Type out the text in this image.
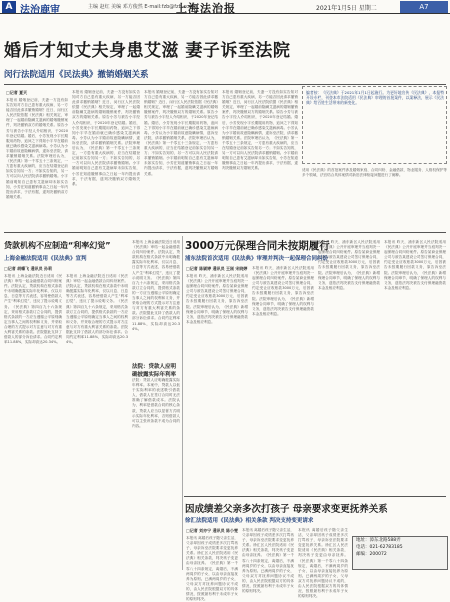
A 法治鹿审	主编 赵红 美编 邓方俊然 E-mail:fzb@fzb.com
上海法治报	2021年1月5日 星期二	A7
婚后才知丈夫身患艾滋 妻子诉至法院
闵行法院适用《民法典》撤销婚姻关系
□记者 夏天
本报讯 婚姻登记前，夫妻一方没有如实告知对方自己患有重大疾病，另一方能否因此请求撤销婚姻？近日，闵行区人民法院依据《民法典》相关规定，审理了一起婚前隐瞒艾滋病的婚姻撤销案件，判决撤销双方的婚姻关系。原告小芳与被告小宇经人介绍相识，于2020年登记结婚。婚后，小芳发现小宇长期服用药物，追问之下得知小宇早在婚前就已确诊感染艾滋病病毒。小芳认为小宇婚前故意隐瞒病情，遂诉至法院，请求撤销婚姻关系。法院审理后认为，《民法典》第一千零五十三条规定，一方患有重大疾病的，应当在结婚登记前如实告知另一方；不如实告知的，另一方可以向人民法院请求撤销婚姻。小宇婚前明知自己患有艾滋病却未如实告知，小芳在知道撤销事由之日起一年内提出请求，于法有据，遂判决撤销双方婚姻关系。
本报讯 婚姻登记前，夫妻一方没有如实告知对方自己患有重大疾病，另一方能否因此请求撤销婚姻？近日，闵行区人民法院依据《民法典》相关规定，审理了一起婚前隐瞒艾滋病的婚姻撤销案件，判决撤销双方的婚姻关系。原告小芳与被告小宇经人介绍相识，于2020年登记结婚。婚后，小芳发现小宇长期服用药物，追问之下得知小宇早在婚前就已确诊感染艾滋病病毒。小芳认为小宇婚前故意隐瞒病情，遂诉至法院，请求撤销婚姻关系。法院审理后认为，《民法典》第一千零五十三条规定，一方患有重大疾病的，应当在结婚登记前如实告知另一方；不如实告知的，另一方可以向人民法院请求撤销婚姻。小宇婚前明知自己患有艾滋病却未如实告知，小芳在知道撤销事由之日起一年内提出请求，于法有据，遂判决撤销双方婚姻关系。
本报讯 婚姻登记前，夫妻一方没有如实告知对方自己患有重大疾病，另一方能否因此请求撤销婚姻？近日，闵行区人民法院依据《民法典》相关规定，审理了一起婚前隐瞒艾滋病的婚姻撤销案件，判决撤销双方的婚姻关系。原告小芳与被告小宇经人介绍相识，于2020年登记结婚。婚后，小芳发现小宇长期服用药物，追问之下得知小宇早在婚前就已确诊感染艾滋病病毒。小芳认为小宇婚前故意隐瞒病情，遂诉至法院，请求撤销婚姻关系。法院审理后认为，《民法典》第一千零五十三条规定，一方患有重大疾病的，应当在结婚登记前如实告知另一方；不如实告知的，另一方可以向人民法院请求撤销婚姻。小宇婚前明知自己患有艾滋病却未如实告知，小芳在知道撤销事由之日起一年内提出请求，于法有据，遂判决撤销双方婚姻关系。
本报讯 婚姻登记前，夫妻一方没有如实告知对方自己患有重大疾病，另一方能否因此请求撤销婚姻？近日，闵行区人民法院依据《民法典》相关规定，审理了一起婚前隐瞒艾滋病的婚姻撤销案件，判决撤销双方的婚姻关系。原告小芳与被告小宇经人介绍相识，于2020年登记结婚。婚后，小芳发现小宇长期服用药物，追问之下得知小宇早在婚前就已确诊感染艾滋病病毒。小芳认为小宇婚前故意隐瞒病情，遂诉至法院，请求撤销婚姻关系。法院审理后认为，《民法典》第一千零五十三条规定，一方患有重大疾病的，应当在结婚登记前如实告知另一方；不如实告知的，另一方可以向人民法院请求撤销婚姻。小宇婚前明知自己患有艾滋病却未如实告知，小芳在知道撤销事由之日起一年内提出请求，于法有据，遂判决撤销双方婚姻关系。
编者按：《民法典》于2021年1月1日起施行。为更好地宣传《民法典》，本报特开设专栏，刊登本市法院适用《民法典》审理的首批案件，以案释法，展示《民法典》给百姓生活带来的新变化。
适用《民法典》的首批案件涉及婚姻家庭、合同纠纷、金融借款、物业服务、人格权保护等多个领域，法官结合具体案情对新旧法律衔接问题进行了阐释。
贷款机构不应制造“利率幻觉”
上海金融法院适用《民法典》宣判
□记者 胡蝶飞 通讯员 孙莉
本报讯 上海金融法院近日适用《民法典》审结一起金融借款合同纠纷案件。法院认定，贷款机构在格式条款中未明确披露实际年化利率，仅以月息、日息等方式表述，容易使借款人产生“利率幻觉”，违反了提示说明义务。《民法典》第四百九十六条规定，采用格式条款订立合同的，提供格式条款的一方应当遵循公平原则确定当事人之间的权利和义务，并采取合理的方式提示对方注意与对方有重大利害关系的条款。法院据此支持了借款人的部分诉讼请求。合同约定利率11.88%，实际却高达20.34%。
本报讯 上海金融法院近日适用《民法典》审结一起金融借款合同纠纷案件。法院认定，贷款机构在格式条款中未明确披露实际年化利率，仅以月息、日息等方式表述，容易使借款人产生“利率幻觉”，违反了提示说明义务。《民法典》第四百九十六条规定，采用格式条款订立合同的，提供格式条款的一方应当遵循公平原则确定当事人之间的权利和义务，并采取合理的方式提示对方注意与对方有重大利害关系的条款。法院据此支持了借款人的部分诉讼请求。合同约定利率11.88%，实际却高达20.34%。
本报讯 上海金融法院近日适用《民法典》审结一起金融借款合同纠纷案件。法院认定，贷款机构在格式条款中未明确披露实际年化利率，仅以月息、日息等方式表述，容易使借款人产生“利率幻觉”，违反了提示说明义务。《民法典》第四百九十六条规定，采用格式条款订立合同的，提供格式条款的一方应当遵循公平原则确定当事人之间的权利和义务，并采取合理的方式提示对方注意与对方有重大利害关系的条款。法院据此支持了借款人的部分诉讼请求。合同约定利率11.88%，实际却高达20.34%。
法院：贷款人应明确披露实际年利率
法院：贷款人应明确披露实际年利率。本案中，贷款人以低于实际利率的表述吸引借款人，借款人在签订合同时无法准确了解借款成本。法院认为，利率是借款合同的核心条款，贷款人应当以显著方式明示实际年化利率，否则借款人可以主张该条款不成为合同的内容。
3000万元保理合同未按期履行
浦东法院首次适用《民法典》审理并判决一起保理合同纠纷
□记者 陈颖婷 通讯员 王刚 宋晓婷
本报讯 昨天，浦东新区人民法院适用《民法典》公开开庭审理并当庭判决一起保理合同纠纷案件。原告某商业保理公司与被告某建设公司签订保理合同，约定受让应收账款3000万元，后因被告未按期履行回款义务，原告诉至法院。法院审理后认为，《民法典》新增保理合同章节，明确了保理人的权利与义务，遂依法判决被告支付保理融资款本金及相应利息。
本报讯 昨天，浦东新区人民法院适用《民法典》公开开庭审理并当庭判决一起保理合同纠纷案件。原告某商业保理公司与被告某建设公司签订保理合同，约定受让应收账款3000万元，后因被告未按期履行回款义务，原告诉至法院。法院审理后认为，《民法典》新增保理合同章节，明确了保理人的权利与义务，遂依法判决被告支付保理融资款本金及相应利息。
本报讯 昨天，浦东新区人民法院适用《民法典》公开开庭审理并当庭判决一起保理合同纠纷案件。原告某商业保理公司与被告某建设公司签订保理合同，约定受让应收账款3000万元，后因被告未按期履行回款义务，原告诉至法院。法院审理后认为，《民法典》新增保理合同章节，明确了保理人的权利与义务，遂依法判决被告支付保理融资款本金及相应利息。
本报讯 昨天，浦东新区人民法院适用《民法典》公开开庭审理并当庭判决一起保理合同纠纷案件。原告某商业保理公司与被告某建设公司签订保理合同，约定受让应收账款3000万元，后因被告未按期履行回款义务，原告诉至法院。法院审理后认为，《民法典》新增保理合同章节，明确了保理人的权利与义务，遂依法判决被告支付保理融资款本金及相应利息。
因成绩差父亲多次打孩子 母亲要求变更抚养关系
徐汇法院适用《民法典》相关条款 判决支持变更请求
□记者 刘亦宁 通讯员 陈小雯
本报讯 离婚后孩子随父亲生活，父亲却因孩子成绩差多次打骂孩子，母亲诉至法院要求变更抚养关系。徐汇区人民法院适用《民法典》相关条款，判决孩子变更由母亲抚养。《民法典》第一千零八十四条规定，离婚后，不满两周岁的子女，以由母亲直接抚养为原则。已满两周岁的子女，父母双方对抚养问题协议不成的，由人民法院根据双方的具体情况，按照最有利于未成年子女的原则判决。
本报讯 离婚后孩子随父亲生活，父亲却因孩子成绩差多次打骂孩子，母亲诉至法院要求变更抚养关系。徐汇区人民法院适用《民法典》相关条款，判决孩子变更由母亲抚养。《民法典》第一千零八十四条规定，离婚后，不满两周岁的子女，以由母亲直接抚养为原则。已满两周岁的子女，父母双方对抚养问题协议不成的，由人民法院根据双方的具体情况，按照最有利于未成年子女的原则判决。
本报讯 离婚后孩子随父亲生活，父亲却因孩子成绩差多次打骂孩子，母亲诉至法院要求变更抚养关系。徐汇区人民法院适用《民法典》相关条款，判决孩子变更由母亲抚养。《民法典》第一千零八十四条规定，离婚后，不满两周岁的子女，以由母亲直接抚养为原则。已满两周岁的子女，父母双方对抚养问题协议不成的，由人民法院根据双方的具体情况，按照最有利于未成年子女的原则判决。
地址：漳东北路588弄
电话：021-62783185
邮编：200072
